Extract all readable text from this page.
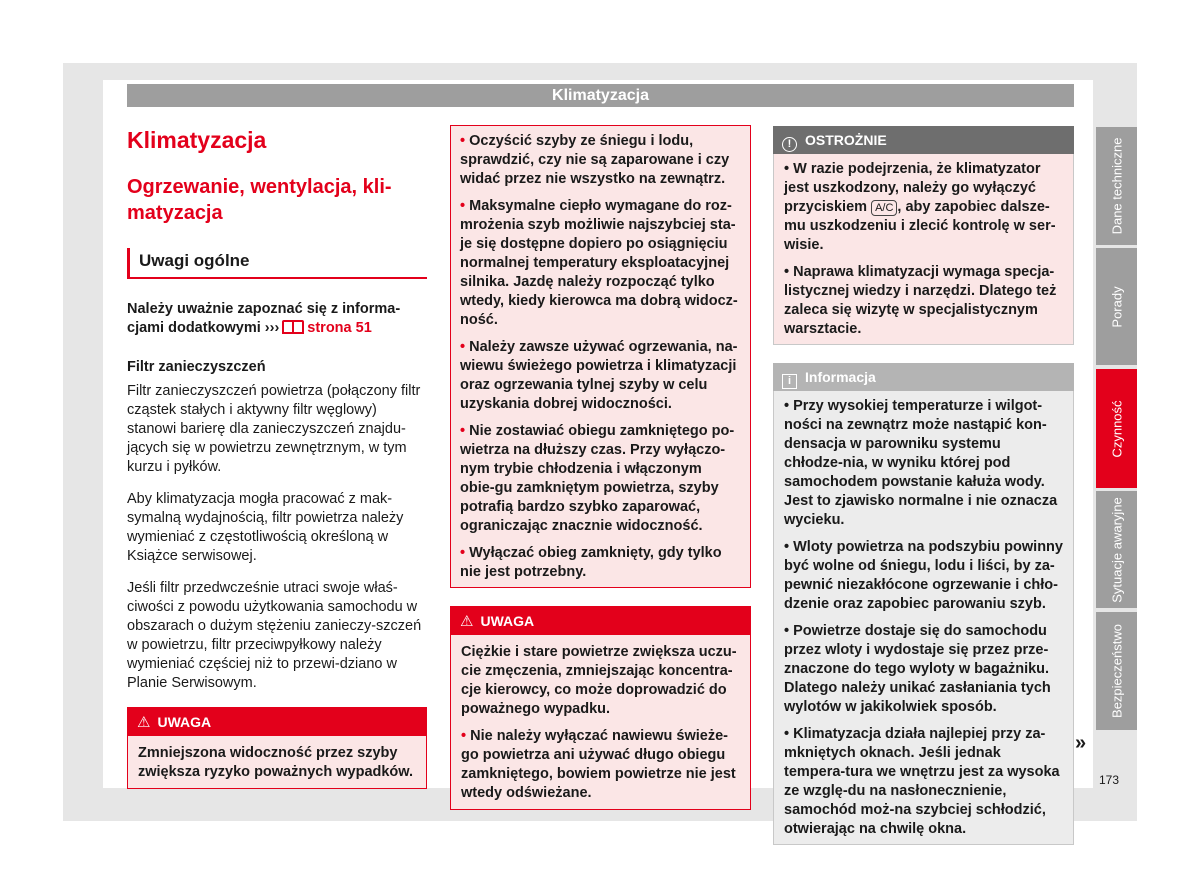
Klimatyzacja
Klimatyzacja
Ogrzewanie, wentylacja, kli-
matyzacja
Uwagi ogólne
Należy uważnie zapoznać się z informa-
cjami dodatkowymi ››› strona 51
Filtr zanieczyszczeń
Filtr zanieczyszczeń powietrza (połączony filtr cząstek stałych i aktywny filtr węglowy) stanowi barierę dla zanieczyszczeń znajdu-jących się w powietrzu zewnętrznym, w tym kurzu i pyłków.
Aby klimatyzacja mogła pracować z mak-symalną wydajnością, filtr powietrza należy wymieniać z częstotliwością określoną w Książce serwisowej.
Jeśli filtr przedwcześnie utraci swoje właś-ciwości z powodu użytkowania samochodu w obszarach o dużym stężeniu zanieczy-szczeń w powietrzu, filtr przeciwpyłkowy należy wymieniać częściej niż to przewi-dziano w Planie Serwisowym.
⚠ UWAGA
Zmniejszona widoczność przez szyby zwiększa ryzyko poważnych wypadków.
• Oczyścić szyby ze śniegu i lodu, sprawdzić, czy nie są zaparowane i czy widać przez nie wszystko na zewnątrz.
• Maksymalne ciepło wymagane do roz-mrożenia szyb możliwie najszybciej sta-je się dostępne dopiero po osiągnięciu normalnej temperatury eksploatacyjnej silnika. Jazdę należy rozpocząć tylko wtedy, kiedy kierowca ma dobrą widocz-ność.
• Należy zawsze używać ogrzewania, na-wiewu świeżego powietrza i klimatyzacji oraz ogrzewania tylnej szyby w celu uzyskania dobrej widoczności.
• Nie zostawiać obiegu zamkniętego po-wietrza na dłuższy czas. Przy wyłączo-nym trybie chłodzenia i włączonym obie-gu zamkniętym powietrza, szyby potrafią bardzo szybko zaparować, ograniczając znacznie widoczność.
• Wyłączać obieg zamknięty, gdy tylko nie jest potrzebny.
⚠ UWAGA
Ciężkie i stare powietrze zwiększa uczu-cie zmęczenia, zmniejszając koncentra-cje kierowcy, co może doprowadzić do poważnego wypadku.
• Nie należy wyłączać nawiewu świeże-go powietrza ani używać długo obiegu zamkniętego, bowiem powietrze nie jest wtedy odświeżane.
! OSTROŻNIE
• W razie podejrzenia, że klimatyzator jest uszkodzony, należy go wyłączyć przyciskiem A/C , aby zapobiec dalsze-mu uszkodzeniu i zlecić kontrolę w ser-wisie.
• Naprawa klimatyzacji wymaga specja-listycznej wiedzy i narzędzi. Dlatego też zaleca się wizytę w specjalistycznym warsztacie.
i Informacja
• Przy wysokiej temperaturze i wilgot-ności na zewnątrz może nastąpić kon-densacja w parowniku systemu chłodze-nia, w wyniku której pod samochodem powstanie kałuża wody. Jest to zjawisko normalne i nie oznacza wycieku.
• Wloty powietrza na podszybiu powinny być wolne od śniegu, lodu i liści, by za-pewnić niezakłócone ogrzewanie i chło-dzenie oraz zapobiec parowaniu szyb.
• Powietrze dostaje się do samochodu przez wloty i wydostaje się przez prze-znaczone do tego wyloty w bagażniku. Dlatego należy unikać zasłaniania tych wylotów w jakikolwiek sposób.
• Klimatyzacja działa najlepiej przy za-mkniętych oknach. Jeśli jednak tempera-tura we wnętrzu jest za wysoka ze wzglę-du na nasłonecznienie, samochód moż-na szybciej schłodzić, otwierając na chwilę okna.
»
Dane techniczne
Porady
Czynność
Sytuacje awaryjne
Bezpieczeństwo
173
